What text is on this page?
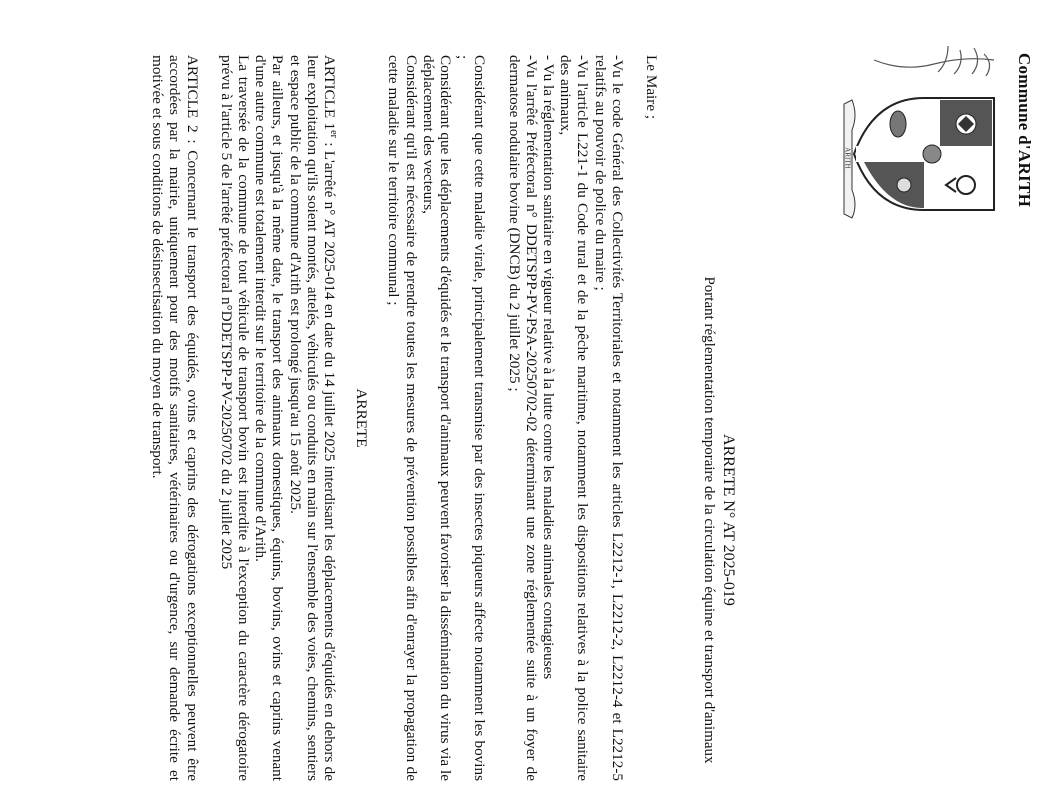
Commune d'ARITH
ARITH

ARRETE N° AT 2025-019

Portant réglementation temporaire de la circulation équine et transport d'animaux

Le Maire ;

-Vu le code Général des Collectivités Territoriales et notamment les articles L2212-1, L2212-2, L2212-4 et L2212-5 relatifs au pouvoir de police du maire ;

-Vu l'article L221-1 du Code rural et de la pêche maritime, notamment les dispositions relatives à la police sanitaire des animaux,

- Vu la réglementation sanitaire en vigueur relative à la lutte contre les maladies animales contagieuses

-Vu l'arrêté Préfectoral n° DDETSPP-PV-PSA-20250702-02 déterminant une zone réglementée suite à un foyer de dermatose nodulaire bovine (DNCB) du 2 juillet 2025 ;

Considérant que cette maladie virale, principalement transmise par des insectes piqueurs affecte notamment les bovins ;

Considérant que les déplacements d'équidés et le transport d'animaux peuvent favoriser la dissémination du virus via le déplacement des vecteurs,

Considérant qu'il est nécessaire de prendre toutes les mesures de prévention possibles afin d'enrayer la propagation de cette maladie sur le territoire communal ;

ARRETE

ARTICLE 1er : L'arrêté n° AT 2025-014 en date du 14 juillet 2025 interdisant les déplacements d'équidés en dehors de leur exploitation qu'ils soient montés, attelés, véhiculés ou conduits en main sur l'ensemble des voies, chemins, sentiers et espace public de la commune d'Arith est prolongé jusqu'au 15 août 2025.

Par ailleurs, et jusqu'à la même date, le transport des animaux domestiques, équins, bovins, ovins et caprins venant d'une autre commune est totalement interdit sur le territoire de la commune d'Arith.

La traversée de la commune de tout véhicule de transport bovin est interdite à l'exception du caractère dérogatoire prévu à l'article 5 de l'arrêté préfectoral n°DDETSPP-PV-20250702 du 2 juillet 2025

ARTICLE 2 : Concernant le transport des équidés, ovins et caprins des dérogations exceptionnelles peuvent être accordées par la mairie, uniquement pour des motifs sanitaires, vétérinaires ou d'urgence, sur demande écrite et motivée et sous conditions de désinsectisation du moyen de transport.
